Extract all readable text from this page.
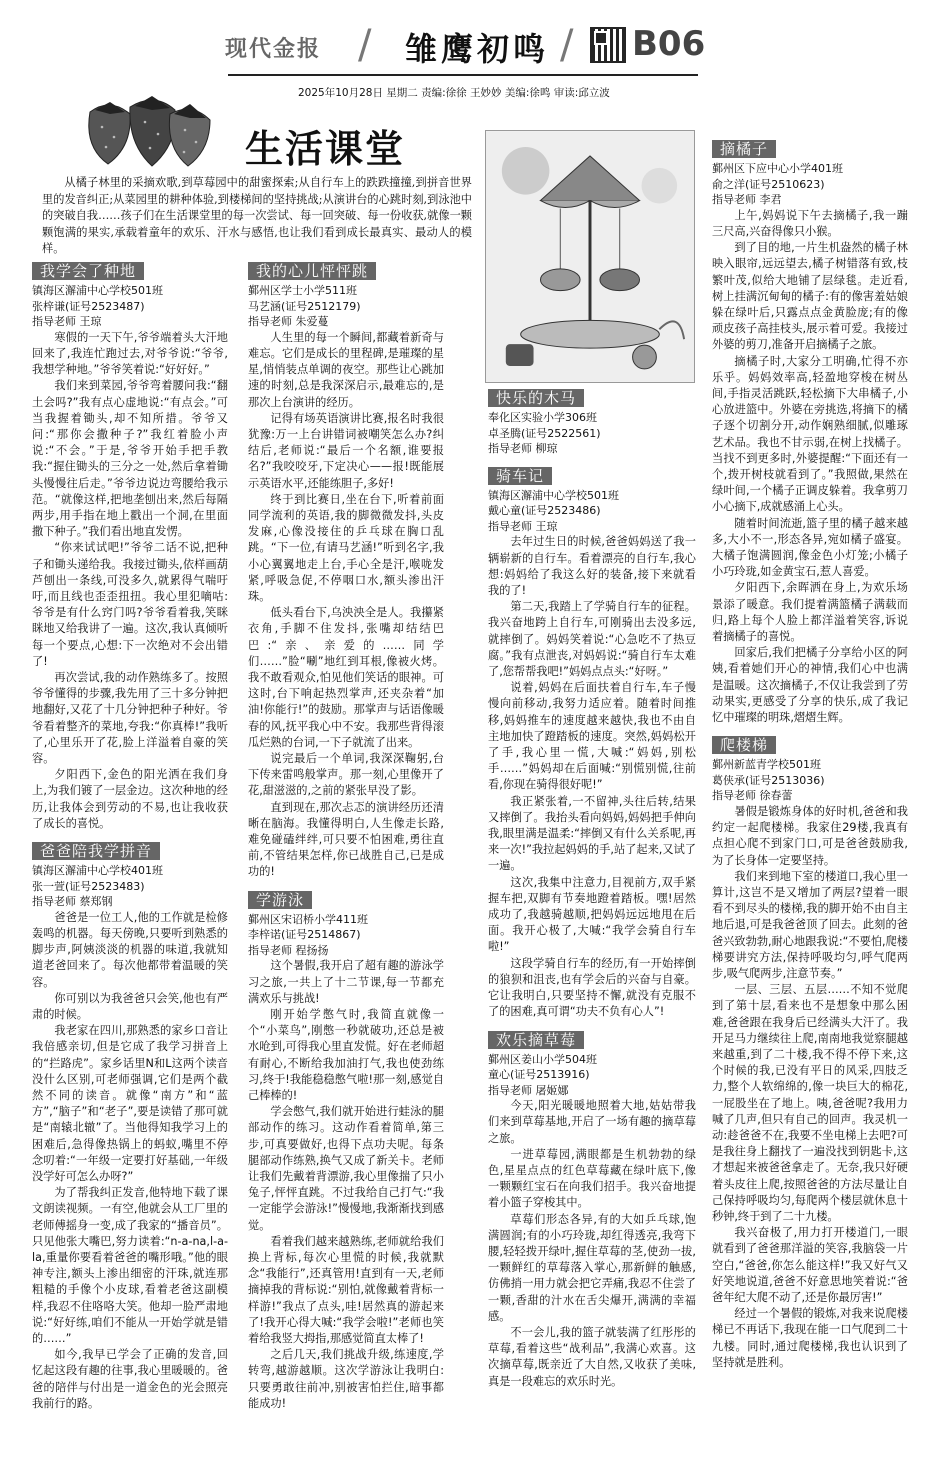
现代金报 / 雏鹰初鸣 / B06
2025年10月28日 星期二 责编:徐徐 王妙妙 美编:徐鸣 审读:邱立波
生活课堂
从橘子林里的采摘欢歌,到草莓园中的甜蜜探索;从自行车上的跌跌撞撞,到拼音世界里的发音纠正;从菜园里的耕种体验,到楼梯间的坚持挑战;从演讲台的心跳时刻,到泳池中的突破自我……孩子们在生活课堂里的每一次尝试、每一回突破、每一份收获,就像一颗颗饱满的果实,承载着童年的欢乐、汗水与感悟,也让我们看到成长最真实、最动人的模样。
我学会了种地
镇海区澥浦中心学校501班
张梓谦(证号2523487)
指导老师 王琼

寒假的一天下午,爷爷端着头大汗地回来了,我连忙跑过去,对爷爷说:“爷爷,我想学种地。”爷爷笑着说:“好好好。”

我们来到菜园,爷爷弯着腰问我:“翻土会吗?”我有点心虚地说:“有点会。”可当我握着锄头,却不知所措。爷爷又问:“那你会撒种子?”我红着脸小声说:“不会。”于是,爷爷开始手把手教我:“握住锄头的三分之一处,然后拿着锄头慢慢往后走。”爷爷边说边弯腰给我示范。“就像这样,把地垄刨出来,然后每隔两步,用手指在地上戳出一个洞,在里面撒下种子。”我们看出地直发愣。

“你来试试吧!”爷爷二话不说,把种子和锄头递给我。我接过锄头,依样画葫芦刨出一条线,可没多久,就累得气喘吁吁,而且线也歪歪扭扭。我心里犯嘀咕:爷爷是有什么窍门吗?爷爷看着我,笑眯眯地又给我讲了一遍。这次,我认真倾听每一个要点,心想:下一次绝对不会出错了!

再次尝试,我的动作熟练多了。按照爷爷懂得的步骤,我先用了三十多分钟把地翻好,又花了十几分钟把种子种好。爷爷看着整齐的菜地,夸我:“你真棒!”我听了,心里乐开了花,脸上洋溢着自豪的笑容。

夕阳西下,金色的阳光洒在我们身上,为我们镀了一层金边。这次种地的经历,让我体会到劳动的不易,也让我收获了成长的喜悦。

爸爸陪我学拼音
镇海区澥浦中心学校401班
张一萱(证号2523483)
指导老师 蔡郑钢

爸爸是一位工人,他的工作就是检修轰鸣的机器。每天傍晚,只要听到熟悉的脚步声,阿姨淡淡的机器的味道,我就知道老爸回来了。每次他都带着温暖的笑容。

你可别以为我爸爸只会笑,他也有严肃的时候。

我老家在四川,那熟悉的家乡口音让我倍感亲切,但是它成了我学习拼音上的“拦路虎”。家乡话里N和L这两个读音没什么区别,可老师强调,它们是两个截然不同的读音。就像“南方”和“蓝方”,“脑子”和“老子”,要是读错了那可就是“南辕北辙”了。当他得知我学习上的困难后,急得像热锅上的蚂蚁,嘴里不停念叨着:“一年级一定要打好基础,一年级没学好可怎么办呀?”

为了帮我纠正发音,他特地下载了课文朗读视频。一有空,他就会从工厂里的老师傅摇身一变,成了我家的“播音员”。只见他张大嘴巴,努力读着:“n-a-na,l-a-la,重量你要看着爸爸的嘴形哦。”他的眼神专注,额头上渗出细密的汗珠,就连那粗糙的手像个小皮球,看着老爸这副模样,我忍不住咯咯大笑。他却一脸严肃地说:“好好练,咱们不能从一开始学就是错的……”

如今,我早已学会了正确的发音,回忆起这段有趣的往事,我心里暖暖的。爸爸的陪伴与付出是一道金色的光会照亮我前行的路。

我的心儿怦怦跳
鄞州区学士小学511班
马艺涵(证号2512179)
指导老师 朱爱蔓

人生里的每一个瞬间,都藏着新奇与难忘。它们是成长的里程碑,是璀璨的星星,悄悄装点单调的夜空。那些让心跳加速的时刻,总是我深深启示,最难忘的,是那次上台演讲的经历。

记得有场英语演讲比赛,报名时我很犹豫:万一上台讲错词被嘲笑怎么办?纠结后,老师说:“最后一个名额,谁要报名?”我咬咬牙,下定决心——报!既能展示英语水平,还能练胆子,多好!

终于到比赛日,坐在台下,听着前面同学流利的英语,我的脚微微发抖,头皮发麻,心像没接住的乒乓球在胸口乱跳。“下一位,有请马艺涵!”听到名字,我小心翼翼地走上台,手心全是汗,喉咙发紧,呼吸急促,不停咽口水,额头渗出汗珠。

低头看台下,乌泱泱全是人。我攥紧衣角,手脚不住发抖,张嘴却结结巴巴:“亲、亲爱的……同学们……”脸“唰”地红到耳根,像被火烤。我不敢看观众,怕见他们笑话的眼神。可这时,台下响起热烈掌声,还夹杂着“加油!你能行!”的鼓励。那掌声与话语像暖春的风,抚平我心中不安。我那些背得滚瓜烂熟的台词,一下子就流了出来。

说完最后一个单词,我深深鞠躬,台下传来雷鸣般掌声。那一刻,心里像开了花,甜滋滋的,之前的紧张早没了影。

直到现在,那次忐忑的演讲经历还清晰在脑海。我懂得明白,人生像走长路,难免碰磕绊绊,可只要不怕困难,勇往直前,不管结果怎样,你已战胜自己,已是成功的!

学游泳
鄞州区宋诏桥小学411班
李梓诺(证号2514867)
指导老师 程扬扬

这个暑假,我开启了超有趣的游泳学习之旅,一共上了十二节课,每一节都充满欢乐与挑战!

刚开始学憋气时,我简直就像一个“小菜鸟”,刚憋一秒就破功,还总是被水呛到,可得我心里直发慌。好在老师超有耐心,不断给我加油打气,我也使劲练习,终于!我能稳稳憋气啦!那一刻,感觉自己棒棒的!

学会憋气,我们就开始进行蛙泳的腿部动作的练习。这动作看着简单,第三步,可真要做好,也得下点功夫呢。每条腿部动作练熟,换气又成了新关卡。老师让我们先戴着背漂游,我心里像揣了只小兔子,怦怦直跳。不过我给自己打气:“我一定能学会游泳!”慢慢地,我渐渐找到感觉。

看着我们越来越熟练,老师就给我们换上背标,每次心里慌的时候,我就默念“我能行”,还真管用!直到有一天,老师摘掉我的背标说:“别怕,就像戴着背标一样游!”我点了点头,哇!居然真的游起来了!我开心得大喊:“我学会啦!”老师也笑着给我竖大拇指,那感觉简直太棒了!

之后几天,我们挑战升级,练速度,学转弯,越游越顺。这次学游泳让我明白:只要勇敢往前冲,别被害怕拦住,暗事都能成功!

快乐的木马
奉化区实验小学306班
卓圣腾(证号2522561)
指导老师 柳琼
骑车记
镇海区澥浦中心学校501班
戴心童(证号2523486)
指导老师 王琼

去年过生日的时候,爸爸妈妈送了我一辆崭新的自行车。看着漂亮的自行车,我心想:妈妈给了我这么好的装备,接下来就看我的了!

第二天,我踏上了学骑自行车的征程。我兴奋地跨上自行车,可刚骑出去没多远,就摔倒了。妈妈笑着说:“心急吃不了热豆腐。”我有点泄丧,对妈妈说:“骑自行车太难了,您帮帮我吧!”妈妈点点头:“好呀。”

说着,妈妈在后面扶着自行车,车子慢慢向前移动,我努力适应着。随着时间推移,妈妈推车的速度越来越快,我也不由自主地加快了蹬踏板的速度。突然,妈妈松开了手,我心里一慌,大喊:“妈妈,别松手……”妈妈却在后面喊:“别慌别慌,往前看,你现在骑得很好呢!”

我正紧张着,一不留神,头往后转,结果又摔倒了。我抬头看向妈妈,妈妈把手伸向我,眼里满是温柔:“摔倒又有什么关系呢,再来一次!”我拉起妈妈的手,站了起来,又试了一遍。

这次,我集中注意力,目视前方,双手紧握车把,双脚有节奏地蹬着踏板。嘿!居然成功了,我越骑越顺,把妈妈远远地甩在后面。我开心极了,大喊:“我学会骑自行车啦!”

这段学骑自行车的经历,有一开始摔倒的狼狈和沮丧,也有学会后的兴奋与自豪。它让我明白,只要坚持不懈,就没有克服不了的困难,真可谓“功夫不负有心人”!

欢乐摘草莓
鄞州区姜山小学504班
童心(证号2513916)
指导老师 屠姬娜

今天,阳光暖暖地照着大地,姑姑带我们来到草莓基地,开启了一场有趣的摘草莓之旅。

一进草莓园,满眼都是生机勃勃的绿色,星星点点的红色草莓藏在绿叶底下,像一颗颗红宝石在向我们招手。我兴奋地提着小篮子穿梭其中。

草莓们形态各异,有的大如乒乓球,饱满圆润;有的小巧玲珑,却红得透亮,我弯下腰,轻轻拨开绿叶,握住草莓的茎,使劲一拔,一颗鲜红的草莓落入掌心,那新鲜的触感,仿佛捎一用力就会把它弄痛,我忍不住尝了一颗,香甜的汁水在舌尖爆开,满满的幸福感。

不一会儿,我的篮子就装满了红彤彤的草莓,看着这些“战利品”,我满心欢喜。这次摘草莓,既亲近了大自然,又收获了美味,真是一段难忘的欢乐时光。

摘橘子
鄞州区下应中心小学401班
俞之洋(证号2510623)
指导老师 李君

上午,妈妈说下午去摘橘子,我一蹦三尺高,兴奋得像只小猴。

到了目的地,一片生机盎然的橘子林映入眼帘,远远望去,橘子树错落有致,枝繁叶茂,似给大地铺了层绿毯。走近看,树上挂满沉甸甸的橘子:有的像害羞姑娘躲在绿叶后,只露点点金黄脸庞;有的像顽皮孩子高挂枝头,展示着可爱。我接过外婆的剪刀,准备开启摘橘子之旅。

摘橘子时,大家分工明确,忙得不亦乐乎。妈妈效率高,轻盈地穿梭在树丛间,手指灵活跳跃,轻松摘下大串橘子,小心放进篮中。外婆在旁挑选,将摘下的橘子逐个切割分开,动作娴熟细腻,似雕琢艺术品。我也不甘示弱,在树上找橘子。当找不到更多时,外婆提醒:“下面还有一个,拨开树枝就看到了。”我照做,果然在绿叶间,一个橘子正调皮躲着。我拿剪刀小心摘下,成就感涌上心头。

随着时间流逝,篮子里的橘子越来越多,大小不一,形态各异,宛如橘子盛宴。大橘子饱满圆润,像金色小灯笼;小橘子小巧玲珑,如金黄宝石,惹人喜爱。

夕阳西下,余晖洒在身上,为欢乐场景添了暖意。我们提着满篮橘子满载而归,路上每个人脸上都洋溢着笑容,诉说着摘橘子的喜悦。

回家后,我们把橘子分享给小区的阿姨,看着她们开心的神情,我们心中也满是温暖。这次摘橘子,不仅让我尝到了劳动果实,更感受了分享的快乐,成了我记忆中璀璨的明珠,熠熠生辉。

爬楼梯
鄞州新蓝青学校501班
葛侠承(证号2513036)
指导老师 徐春蕾

暑假是锻炼身体的好时机,爸爸和我约定一起爬楼梯。我家住29楼,我真有点担心爬不到家门口,可是爸爸鼓励我,为了长身体一定要坚持。

我们来到地下室的楼道口,我心里一算计,这岂不是又增加了两层?望着一眼看不到尽头的楼梯,我的脚开始不由自主地后退,可是我爸爸顶了回去。此刻的爸爸兴致勃勃,耐心地跟我说:“不要怕,爬楼梯要讲究方法,保持呼吸均匀,呼气爬两步,吸气爬两步,注意节奏。”

一层、三层、五层……不知不觉爬到了第十层,看来也不是想象中那么困难,爸爸跟在我身后已经满头大汗了。我开足马力继续往上爬,南南地我觉察腿越来越重,到了二十楼,我不得不停下来,这个时候的我,已没有平日的风采,四肢乏力,整个人软绵绵的,像一块巨大的棉花,一屁股坐在了地上。咦,爸爸呢?我用力喊了几声,但只有自己的回声。我灵机一动:趁爸爸不在,我要不坐电梯上去吧?可是我往身上翻找了一遍没找到钥匙卡,这才想起来被爸爸拿走了。无奈,我只好硬着头皮往上爬,按照爸爸的方法尽量让自己保持呼吸均匀,每爬两个楼层就休息十秒钟,终于到了二十九楼。

我兴奋极了,用力打开楼道门,一眼就看到了爸爸那洋溢的笑容,我脑袋一片空白,“爸爸,你怎么能这样!”我又好气又好笑地说道,爸爸不好意思地笑着说:“爸爸年纪大爬不动了,还是你最厉害!”

经过一个暑假的锻炼,对我来说爬楼梯已不再话下,我现在能一口气爬到二十九楼。同时,通过爬楼梯,我也认识到了坚持就是胜利。
